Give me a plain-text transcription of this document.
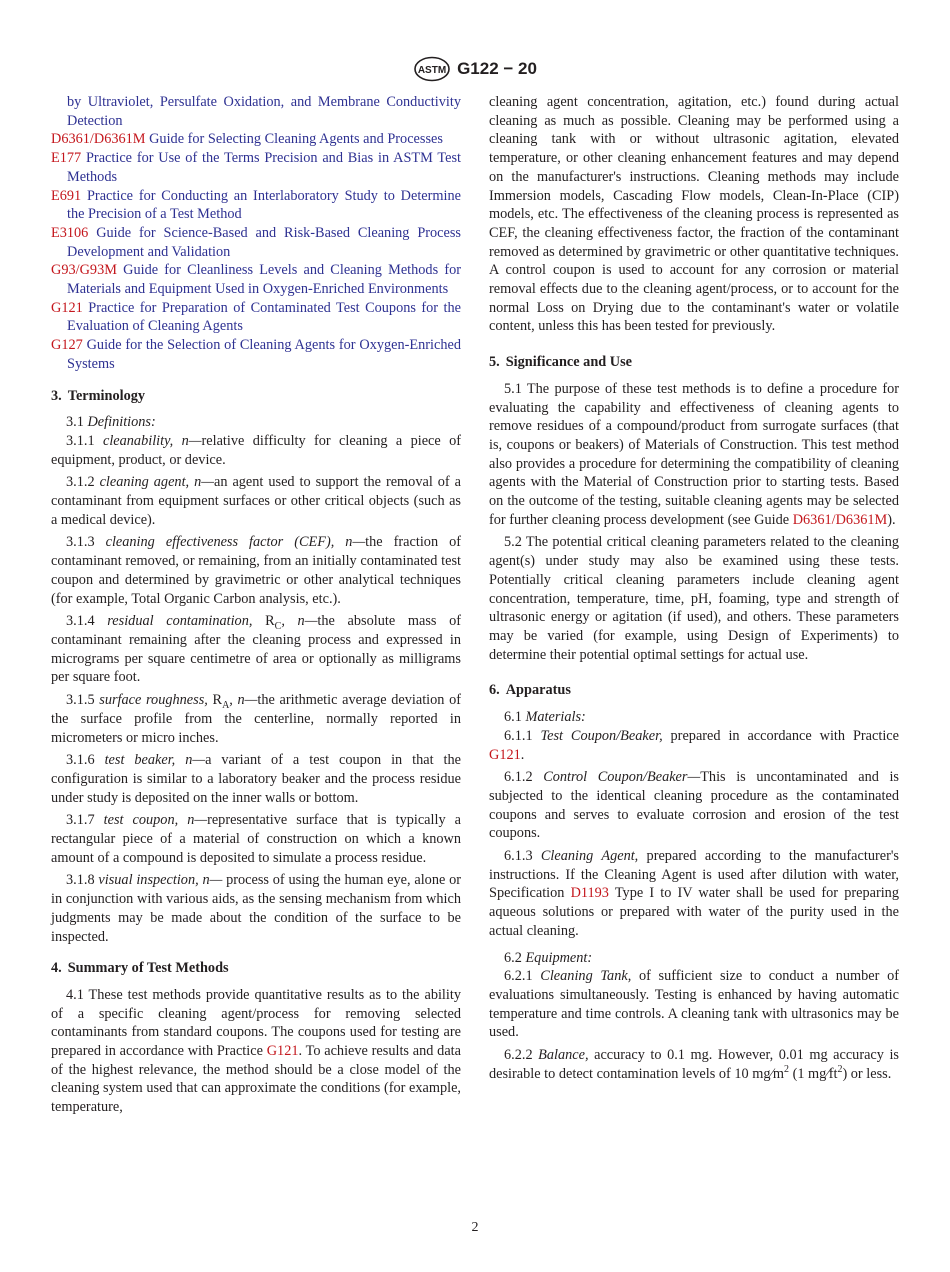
ASTM G122 − 20
by Ultraviolet, Persulfate Oxidation, and Membrane Conductivity Detection
D6361/D6361M Guide for Selecting Cleaning Agents and Processes
E177 Practice for Use of the Terms Precision and Bias in ASTM Test Methods
E691 Practice for Conducting an Interlaboratory Study to Determine the Precision of a Test Method
E3106 Guide for Science-Based and Risk-Based Cleaning Process Development and Validation
G93/G93M Guide for Cleanliness Levels and Cleaning Methods for Materials and Equipment Used in Oxygen-Enriched Environments
G121 Practice for Preparation of Contaminated Test Coupons for the Evaluation of Cleaning Agents
G127 Guide for the Selection of Cleaning Agents for Oxygen-Enriched Systems
3. Terminology

3.1 Definitions:

3.1.1 cleanability, n—relative difficulty for cleaning a piece of equipment, product, or device.

3.1.2 cleaning agent, n—an agent used to support the removal of a contaminant from equipment surfaces or other critical objects (such as a medical device).

3.1.3 cleaning effectiveness factor (CEF), n—the fraction of contaminant removed, or remaining, from an initially contaminated test coupon and determined by gravimetric or other analytical techniques (for example, Total Organic Carbon analysis, etc.).

3.1.4 residual contamination, $R_C$, n—the absolute mass of contaminant remaining after the cleaning process and expressed in micrograms per square centimetre of area or optionally as milligrams per square foot.

3.1.5 surface roughness, $R_A$, n—the arithmetic average deviation of the surface profile from the centerline, normally reported in micrometers or micro inches.

3.1.6 test beaker, n—a variant of a test coupon in that the configuration is similar to a laboratory beaker and the process residue under study is deposited on the inner walls or bottom.

3.1.7 test coupon, n—representative surface that is typically a rectangular piece of a material of construction on which a known amount of a compound is deposited to simulate a process residue.

3.1.8 visual inspection, n— process of using the human eye, alone or in conjunction with various aids, as the sensing mechanism from which judgments may be made about the condition of the surface to be inspected.

4. Summary of Test Methods

4.1 These test methods provide quantitative results as to the ability of a specific cleaning agent/process for removing selected contaminants from standard coupons. The coupons used for testing are prepared in accordance with Practice G121. To achieve results and data of the highest relevance, the method should be a close model of the cleaning system used that can approximate the conditions (for example, temperature,

cleaning agent concentration, agitation, etc.) found during actual cleaning as much as possible. Cleaning may be performed using a cleaning tank with or without ultrasonic agitation, elevated temperature, or other cleaning enhancement features and may depend on the manufacturer's instructions. Cleaning methods may include Immersion models, Cascading Flow models, Clean-In-Place (CIP) models, etc. The effectiveness of the cleaning process is represented as CEF, the cleaning effectiveness factor, the fraction of the contaminant removed as determined by gravimetric or other quantitative techniques. A control coupon is used to account for any corrosion or material removal effects due to the cleaning agent/process, or to account for the normal Loss on Drying due to the contaminant's water or volatile content, unless this has been tested for previously.

5. Significance and Use

5.1 The purpose of these test methods is to define a procedure for evaluating the capability and effectiveness of cleaning agents to remove residues of a compound/product from surrogate surfaces (that is, coupons or beakers) of Materials of Construction. This test method also provides a procedure for determining the compatibility of cleaning agents with the Material of Construction prior to starting tests. Based on the outcome of the testing, suitable cleaning agents may be selected for further cleaning process development (see Guide D6361/D6361M).

5.2 The potential critical cleaning parameters related to the cleaning agent(s) under study may also be examined using these tests. Potentially critical cleaning parameters include cleaning agent concentration, temperature, time, pH, foaming, type and strength of ultrasonic energy or agitation (if used), and others. These parameters may be varied (for example, using Design of Experiments) to determine their potential optimal settings for actual use.

6. Apparatus

6.1 Materials:

6.1.1 Test Coupon/Beaker, prepared in accordance with Practice G121.

6.1.2 Control Coupon/Beaker—This is uncontaminated and is subjected to the identical cleaning procedure as the contaminated coupons and serves to evaluate corrosion and erosion of the test coupons.

6.1.3 Cleaning Agent, prepared according to the manufacturer's instructions. If the Cleaning Agent is used after dilution with water, Specification D1193 Type I to IV water shall be used for preparing aqueous solutions or prepared with water of the purity used in the actual cleaning.

6.2 Equipment:

6.2.1 Cleaning Tank, of sufficient size to conduct a number of evaluations simultaneously. Testing is enhanced by having automatic temperature and time controls. A cleaning tank with ultrasonics may be used.

6.2.2 Balance, accuracy to 0.1 mg. However, 0.01 mg accuracy is desirable to detect contamination levels of 10 $mg⁄m^2$ (1 $mg⁄ft^2$) or less.

2
